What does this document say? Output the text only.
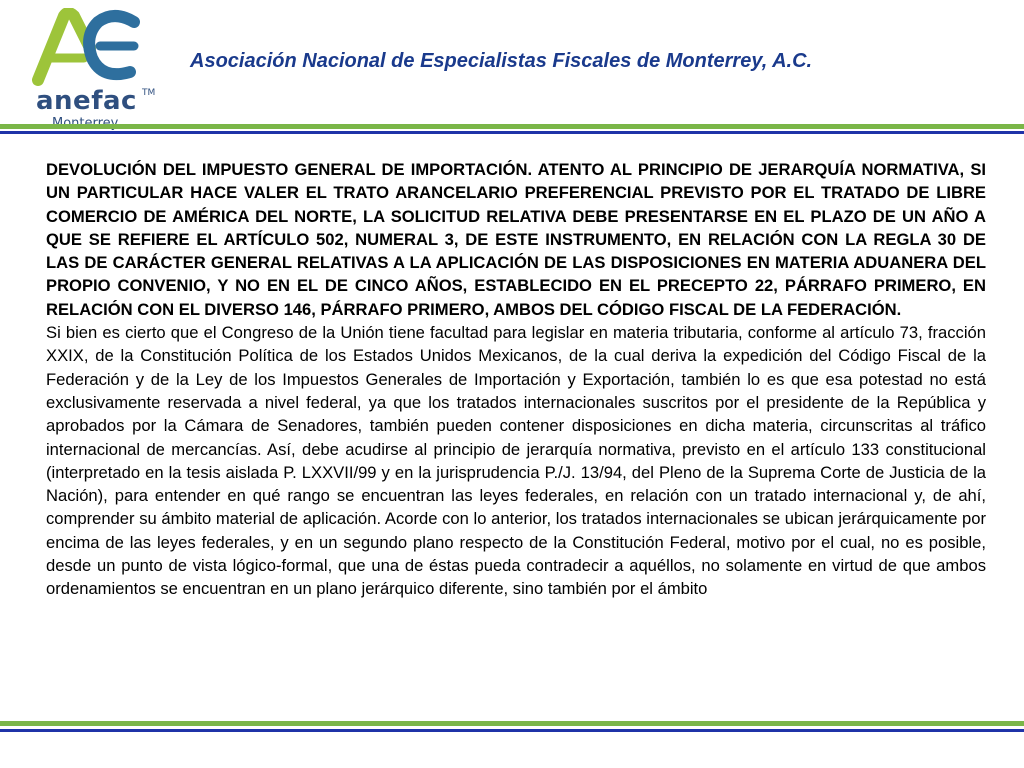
anefac TM
Asociación Nacional de Especialistas Fiscales de Monterrey, A.C.

DEVOLUCIÓN DEL IMPUESTO GENERAL DE IMPORTACIÓN. ATENTO AL PRINCIPIO DE JERARQUÍA NORMATIVA, SI UN PARTICULAR HACE VALER EL TRATO ARANCELARIO PREFERENCIAL PREVISTO POR EL TRATADO DE LIBRE COMERCIO DE AMÉRICA DEL NORTE, LA SOLICITUD RELATIVA DEBE PRESENTARSE EN EL PLAZO DE UN AÑO A QUE SE REFIERE EL ARTÍCULO 502, NUMERAL 3, DE ESTE INSTRUMENTO, EN RELACIÓN CON LA REGLA 30 DE LAS DE CARÁCTER GENERAL RELATIVAS A LA APLICACIÓN DE LAS DISPOSICIONES EN MATERIA ADUANERA DEL PROPIO CONVENIO, Y NO EN EL DE CINCO AÑOS, ESTABLECIDO EN EL PRECEPTO 22, PÁRRAFO PRIMERO, EN RELACIÓN CON EL DIVERSO 146, PÁRRAFO PRIMERO, AMBOS DEL CÓDIGO FISCAL DE LA FEDERACIÓN.

Si bien es cierto que el Congreso de la Unión tiene facultad para legislar en materia tributaria, conforme al artículo 73, fracción XXIX, de la Constitución Política de los Estados Unidos Mexicanos, de la cual deriva la expedición del Código Fiscal de la Federación y de la Ley de los Impuestos Generales de Importación y Exportación, también lo es que esa potestad no está exclusivamente reservada a nivel federal, ya que los tratados internacionales suscritos por el presidente de la República y aprobados por la Cámara de Senadores, también pueden contener disposiciones en dicha materia, circunscritas al tráfico internacional de mercancías. Así, debe acudirse al principio de jerarquía normativa, previsto en el artículo 133 constitucional (interpretado en la tesis aislada P. LXXVII/99 y en la jurisprudencia P./J. 13/94, del Pleno de la Suprema Corte de Justicia de la Nación), para entender en qué rango se encuentran las leyes federales, en relación con un tratado internacional y, de ahí, comprender su ámbito material de aplicación. Acorde con lo anterior, los tratados internacionales se ubican jerárquicamente por encima de las leyes federales, y en un segundo plano respecto de la Constitución Federal, motivo por el cual, no es posible, desde un punto de vista lógico-formal, que una de éstas pueda contradecir a aquéllos, no solamente en virtud de que ambos ordenamientos se encuentran en un plano jerárquico diferente, sino también por el ámbito
